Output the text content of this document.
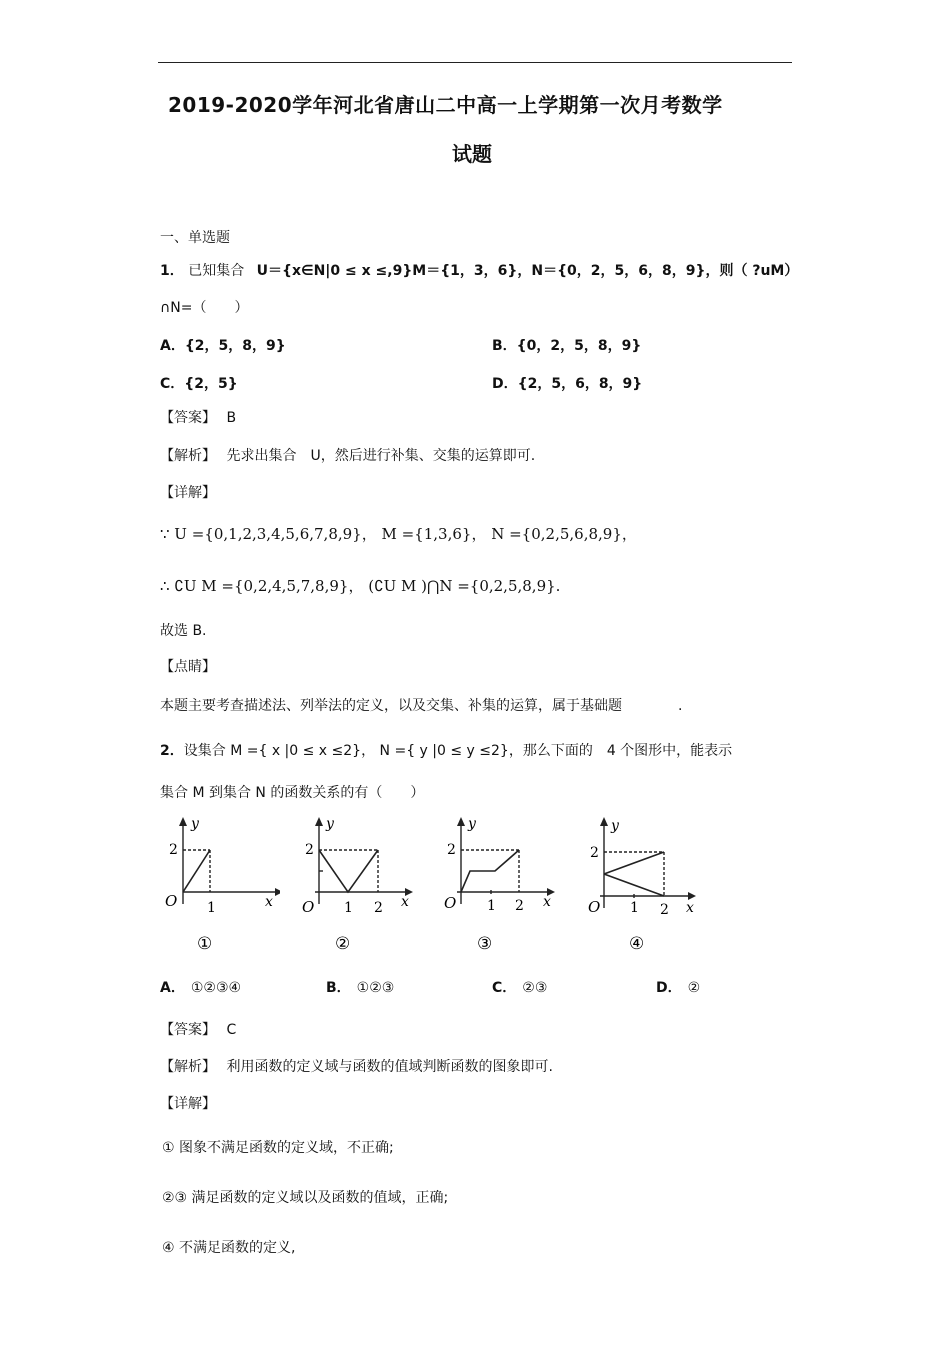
2019-2020学年河北省唐山二中高一上学期第一次月考数学
试题
一、单选题
1． 已知集合 U＝{x∈N|0 ≤ x ≤,9}M＝{1，3，6}，N＝{0，2，5，6，8，9}，则（ ?uM）
∩N=（　　）
A．{2，5，8，9}	B．{0，2，5，8，9}
C．{2，5}	D．{2，5，6，8，9}
【答案】 B
【解析】 先求出集合　U，然后进行补集、交集的运算即可.
【详解】
∵ U ={0,1,2,3,4,5,6,7,8,9}， M ={1,3,6}， N ={0,2,5,6,8,9}，
∴ ∁U M ={0,2,4,5,7,8,9}， (∁U M )⋂N ={0,2,5,8,9}.
故选 B.
【点睛】
本题主要考查描述法、列举法的定义，以及交集、补集的运算，属于基础题　　　　.
2．设集合 M ={ x |0 ≤ x ≤2}， N ={ y |0 ≤ y ≤2}，那么下面的　4 个图形中，能表示
集合 M 到集合 N 的函数关系的有（　　）
y
x
O
2
1
①
y
x
O
2
1 2
②
y
x
O
2
1 2
③
y
x
O
2
1 2
④
A． ①②③④	B． ①②③	C． ②③	D． ②
【答案】 C
【解析】 利用函数的定义域与函数的值域判断函数的图象即可.
【详解】
① 图象不满足函数的定义域，不正确;
②③ 满足函数的定义域以及函数的值域，正确;
④ 不满足函数的定义,
